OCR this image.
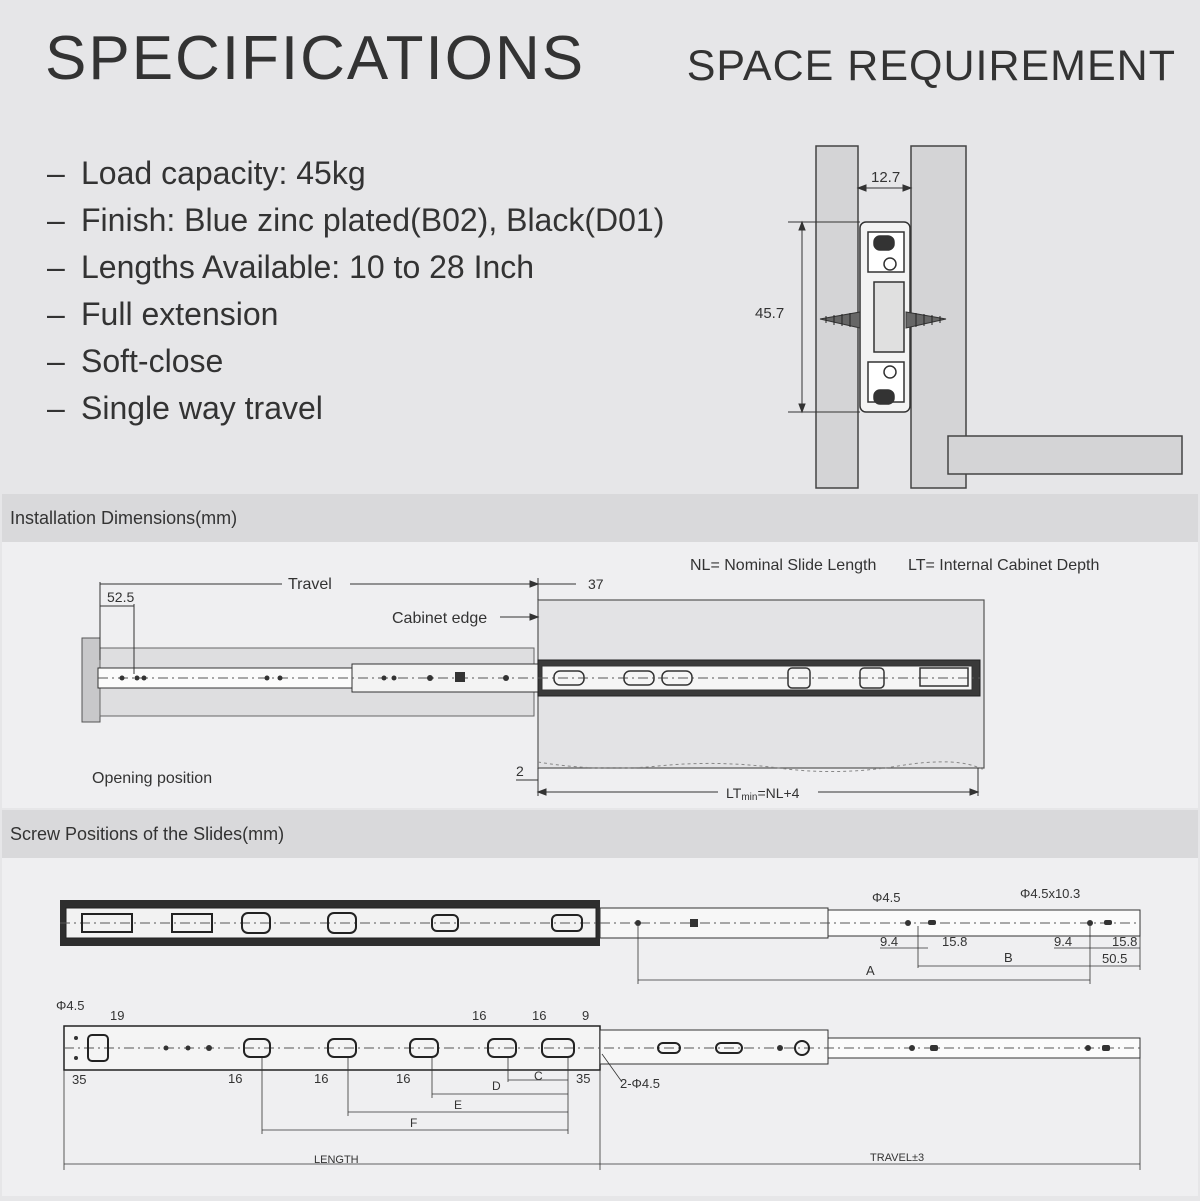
SPECIFICATIONS SPACE REQUIREMENT
– Load capacity: 45kg
– Finish: Blue zinc plated(B02), Black(D01)
– Lengths Available: 10 to 28 Inch
– Full extension
– Soft-close
– Single way travel
12.7
45.7
Installation Dimensions(mm)
NL= Nominal Slide Length LT= Internal Cabinet Depth
Travel
52.5
37
Cabinet edge
Opening position	2
LTmin=NL+4
Screw Positions of the Slides(mm)
Φ4.5	Φ4.5x10.3
9.4	15.8	9.4	15.8
50.5
A
B
Φ4.5
19	16	16	9
35	16	16	16	35 2-Φ4.5
C
D
E
F
LENGTH	TRAVEL±3
